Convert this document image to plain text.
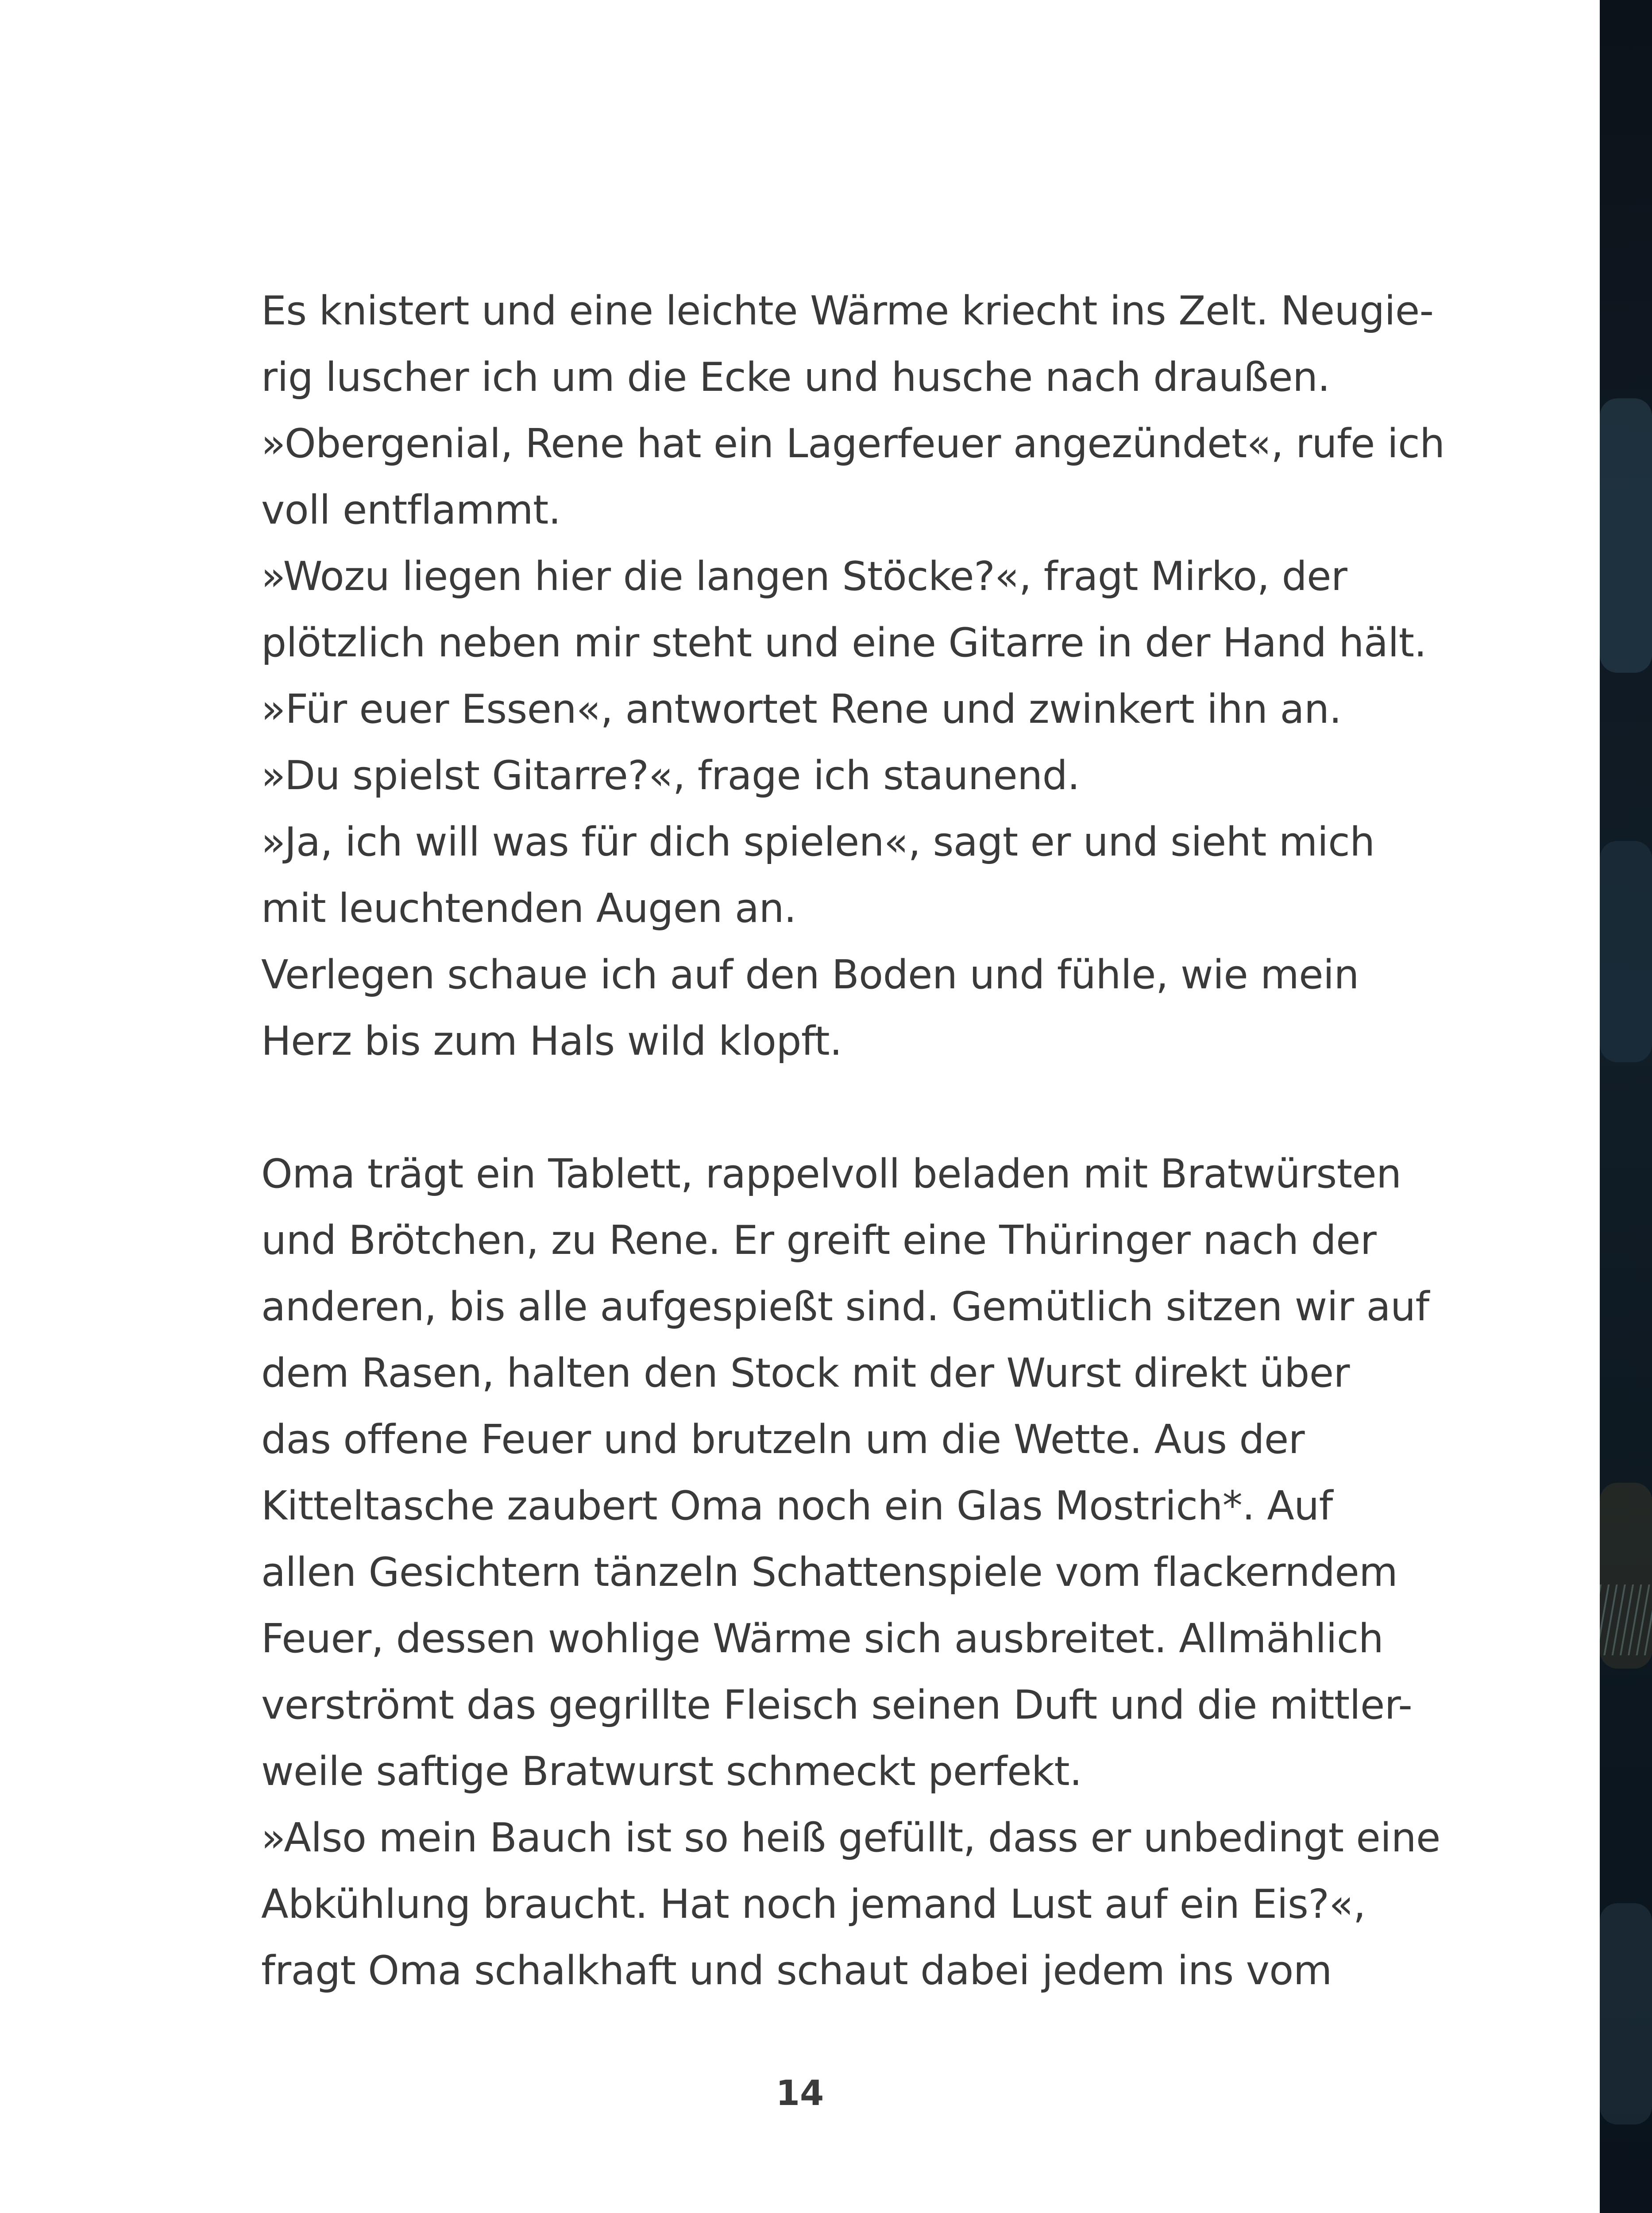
Es knistert und eine leichte Wärme kriecht ins Zelt. Neugie-
rig luscher ich um die Ecke und husche nach draußen.
»Obergenial, Rene hat ein Lagerfeuer angezündet«, rufe ich
voll entflammt.
»Wozu liegen hier die langen Stöcke?«, fragt Mirko, der
plötzlich neben mir steht und eine Gitarre in der Hand hält.
»Für euer Essen«, antwortet Rene und zwinkert ihn an.
»Du spielst Gitarre?«, frage ich staunend.
»Ja, ich will was für dich spielen«, sagt er und sieht mich
mit leuchtenden Augen an.
Verlegen schaue ich auf den Boden und fühle, wie mein
Herz bis zum Hals wild klopft.
Oma trägt ein Tablett, rappelvoll beladen mit Bratwürsten
und Brötchen, zu Rene. Er greift eine Thüringer nach der
anderen, bis alle aufgespießt sind. Gemütlich sitzen wir auf
dem Rasen, halten den Stock mit der Wurst direkt über
das offene Feuer und brutzeln um die Wette. Aus der
Kitteltasche zaubert Oma noch ein Glas Mostrich*. Auf
allen Gesichtern tänzeln Schattenspiele vom flackerndem
Feuer, dessen wohlige Wärme sich ausbreitet. Allmählich
verströmt das gegrillte Fleisch seinen Duft und die mittler-
weile saftige Bratwurst schmeckt perfekt.
»Also mein Bauch ist so heiß gefüllt, dass er unbedingt eine
Abkühlung braucht. Hat noch jemand Lust auf ein Eis?«,
fragt Oma schalkhaft und schaut dabei jedem ins vom
14
